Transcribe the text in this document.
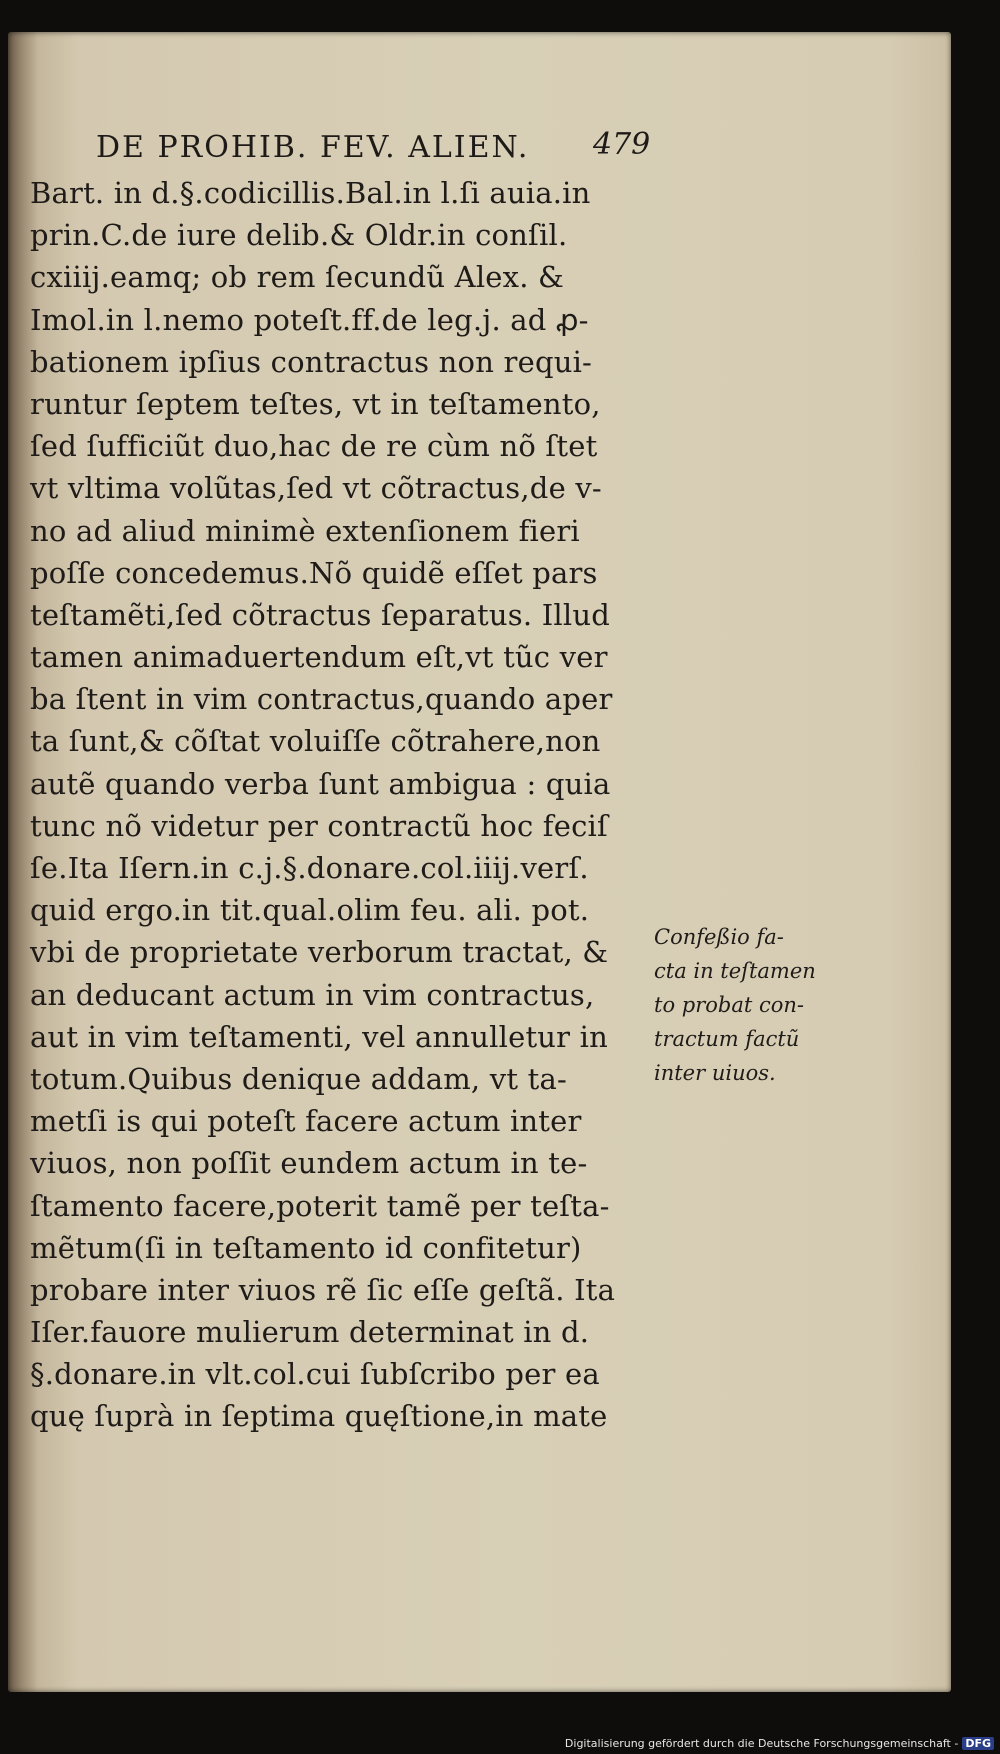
DE PROHIB. FEV. ALIEN. 479
Bart. in d.§.codicillis.Bal.in l.ſi auia.in
prin.C.de iure delib.& Oldr.in conſil.
cxiiij.eamq; ob rem ſecundũ Alex. &
Imol.in l.nemo poteſt.ff.de leg.j. ad ꝓ-
bationem ipſius contractus non requi-
runtur ſeptem teſtes, vt in teſtamento,
ſed ſufficiũt duo,hac de re cùm nõ ſtet
vt vltima volũtas,ſed vt cõtractus,de v-
no ad aliud minimè extenſionem fieri
poſſe concedemus.Nõ quidẽ eſſet pars
teſtamẽti,ſed cõtractus ſeparatus. Illud
tamen animaduertendum eſt,vt tũc ver
ba ſtent in vim contractus,quando aper
ta ſunt,& cõſtat voluiſſe cõtrahere,non
autẽ quando verba ſunt ambigua : quia
tunc nõ videtur per contractũ hoc feciſ
ſe.Ita Iſern.in c.j.§.donare.col.iiij.verſ.
quid ergo.in tit.qual.olim feu. ali. pot.
vbi de proprietate verborum tractat, &
an deducant actum in vim contractus,
aut in vim teſtamenti, vel annulletur in
totum.Quibus denique addam, vt ta-
metſi is qui poteſt facere actum inter
viuos, non poſſit eundem actum in te-
ſtamento facere,poterit tamẽ per teſta-
mẽtum(ſi in teſtamento id confitetur)
probare inter viuos rẽ ſic eſſe geſtã. Ita
Iſer.fauore mulierum determinat in d.
§.donare.in vlt.col.cui ſubſcribo per ea
quę ſuprà in ſeptima quęſtione,in mate
Confeßio fa-
cta in teſtamen
to probat con-
tractum factũ
inter uiuos.
Digitalisierung gefördert durch die Deutsche Forschungsgemeinschaft - DFG
